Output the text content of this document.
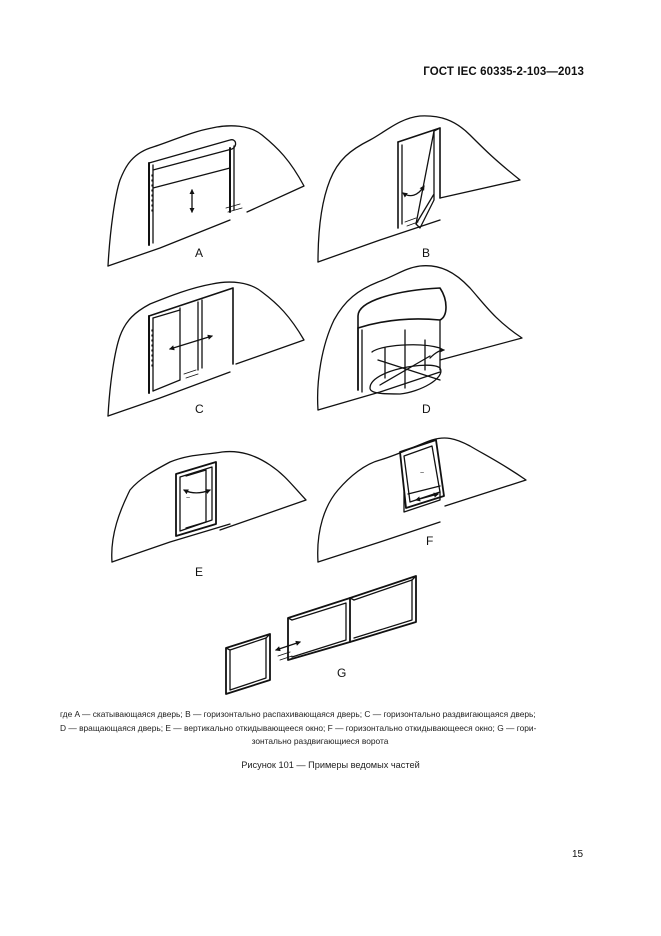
ГОСТ IEC 60335-2-103—2013
~
~
A	B
C	D
E
F
G
где A — скатывающаяся дверь; B — горизонтально распахивающаяся дверь; C — горизонтально раздвигающаяся дверь;
D — вращающаяся дверь; E — вертикально откидывающееся окно; F — горизонтально откидывающееся окно; G — гори-
зонтально раздвигающиеся ворота
Рисунок 101 — Примеры ведомых частей
15
